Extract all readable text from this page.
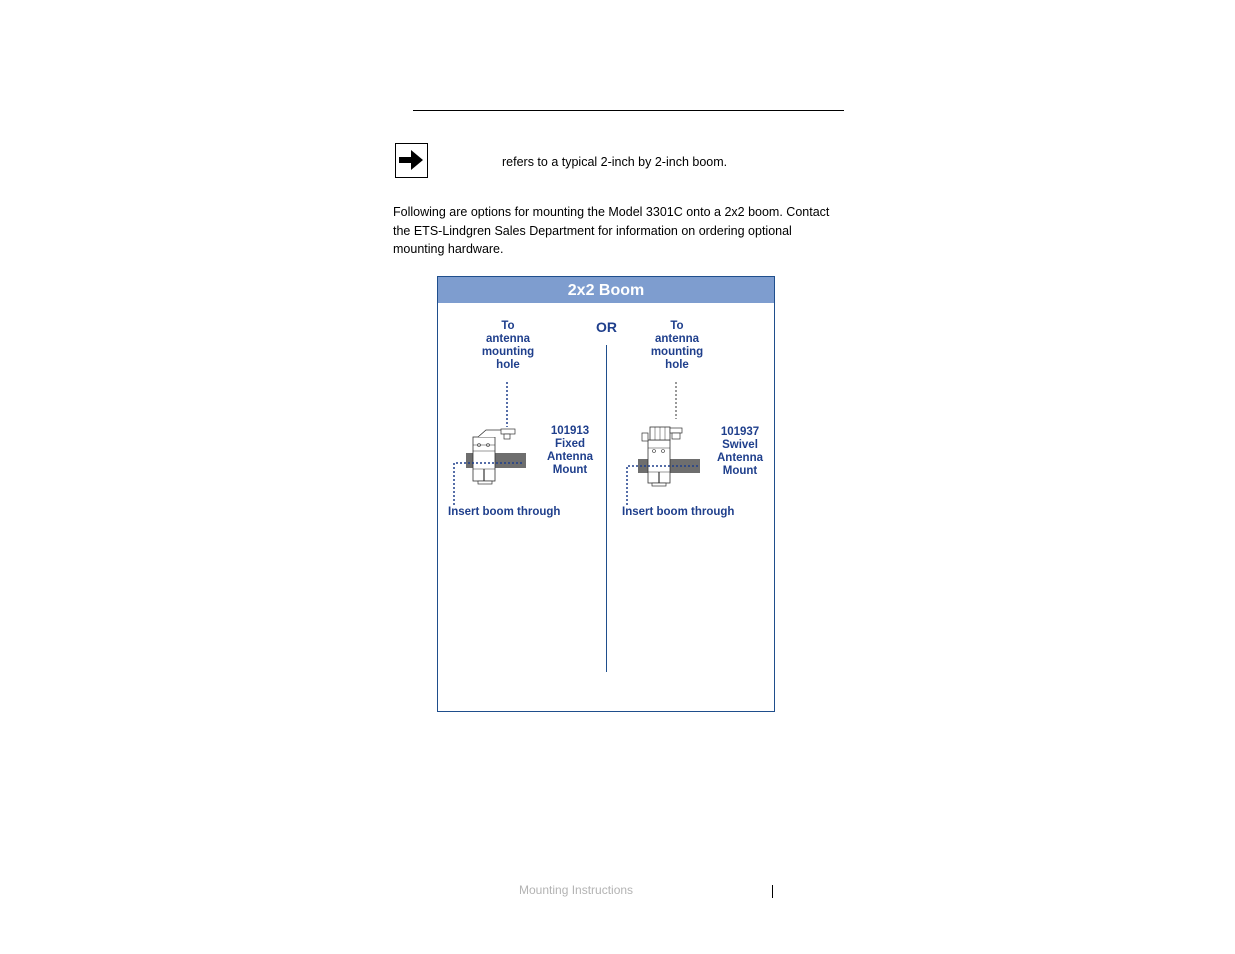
refers to a typical 2-inch by 2-inch boom.
Following are options for mounting the Model 3301C onto a 2x2 boom. Contact the ETS-Lindgren Sales Department for information on ordering optional mounting hardware.
2x2 Boom
OR
To
antenna
mounting
hole
101913
Fixed
Antenna
Mount
Insert boom through
To
antenna
mounting
hole
101937
Swivel
Antenna
Mount
Insert boom through
Mounting Instructions
